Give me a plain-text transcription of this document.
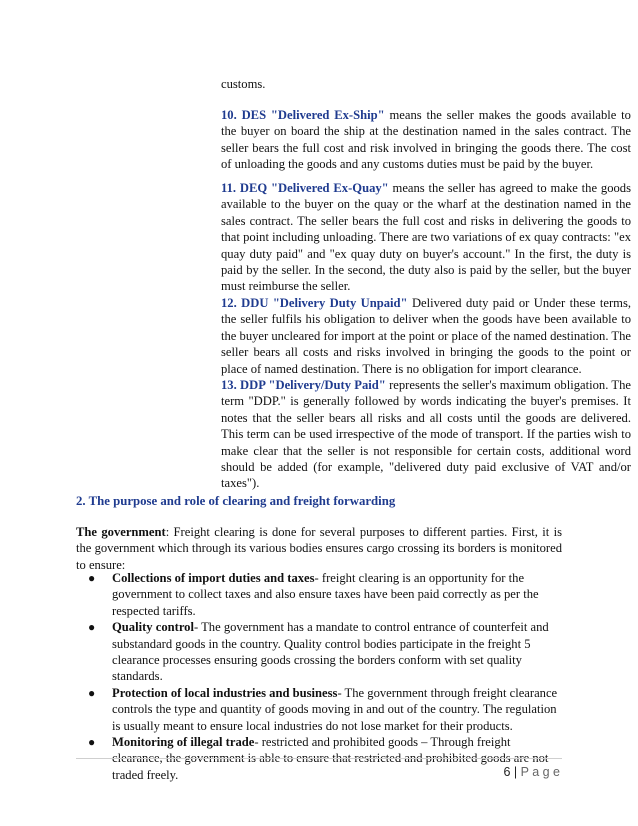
customs.
10. DES "Delivered Ex-Ship" means the seller makes the goods available to the buyer on board the ship at the destination named in the sales contract. The seller bears the full cost and risk involved in bringing the goods there. The cost of unloading the goods and any customs duties must be paid by the buyer.
11. DEQ "Delivered Ex-Quay" means the seller has agreed to make the goods available to the buyer on the quay or the wharf at the destination named in the sales contract. The seller bears the full cost and risks in delivering the goods to that point including unloading. There are two variations of ex quay contracts: "ex quay duty paid" and "ex quay duty on buyer's account." In the first, the duty is paid by the seller. In the second, the duty also is paid by the seller, but the buyer must reimburse the seller.
12. DDU "Delivery Duty Unpaid" Delivered duty paid or Under these terms, the seller fulfils his obligation to deliver when the goods have been available to the buyer uncleared for import at the point or place of the named destination. The seller bears all costs and risks involved in bringing the goods to the point or place of named destination. There is no obligation for import clearance.
13. DDP "Delivery/Duty Paid" represents the seller's maximum obligation. The term "DDP." is generally followed by words indicating the buyer's premises. It notes that the seller bears all risks and all costs until the goods are delivered. This term can be used irrespective of the mode of transport. If the parties wish to make clear that the seller is not responsible for certain costs, additional word should be added (for example, "delivered duty paid exclusive of VAT and/or taxes").
2. The purpose and role of clearing and freight forwarding
The government: Freight clearing is done for several purposes to different parties. First, it is the government which through its various bodies ensures cargo crossing its borders is monitored to ensure:
● Collections of import duties and taxes- freight clearing is an opportunity for the government to collect taxes and also ensure taxes have been paid correctly as per the respected tariffs.
● Quality control- The government has a mandate to control entrance of counterfeit and substandard goods in the country. Quality control bodies participate in the freight 5 clearance processes ensuring goods crossing the borders conform with set quality standards.
● Protection of local industries and business- The government through freight clearance controls the type and quantity of goods moving in and out of the country. The regulation is usually meant to ensure local industries do not lose market for their products.
● Monitoring of illegal trade- restricted and prohibited goods – Through freight clearance, the government is able to ensure that restricted and prohibited goods are not traded freely.	6 | P a g e
